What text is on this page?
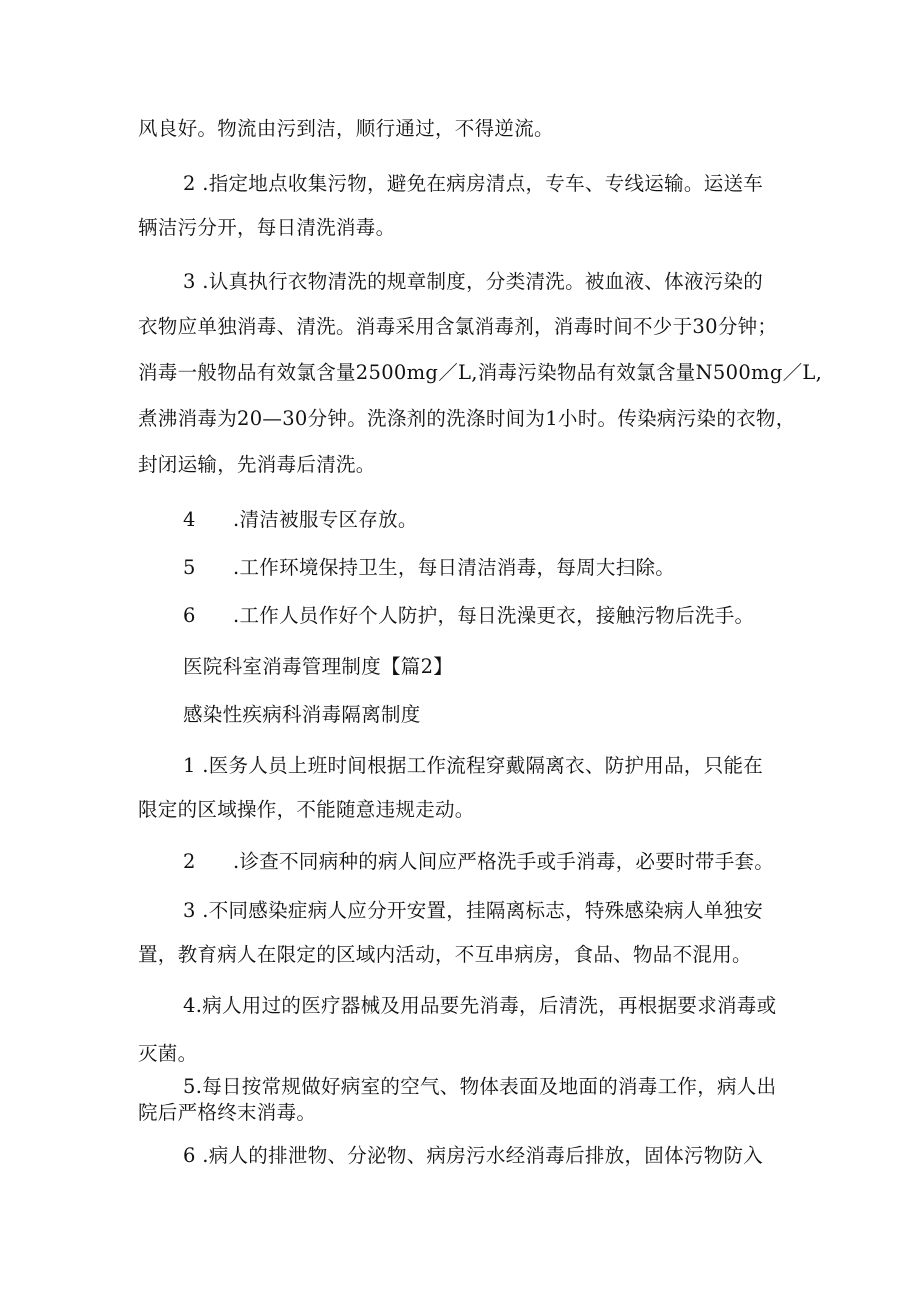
风良好。物流由污到洁，顺行通过，不得逆流。
2 .指定地点收集污物，避免在病房清点，专车、专线运输。运送车
辆洁污分开，每日清洗消毒。
3 .认真执行衣物清洗的规章制度，分类清洗。被血液、体液污染的
衣物应单独消毒、清洗。消毒采用含氯消毒剂，消毒时间不少于30分钟；
消毒一般物品有效氯含量2500mg／L,消毒污染物品有效氯含量N500mg／L,
煮沸消毒为20—30分钟。洗涤剂的洗涤时间为1小时。传染病污染的衣物，
封闭运输，先消毒后清洗。
4 .清洁被服专区存放。
5 .工作环境保持卫生，每日清洁消毒，每周大扫除。
6 .工作人员作好个人防护，每日洗澡更衣，接触污物后洗手。
医院科室消毒管理制度【篇2】
感染性疾病科消毒隔离制度
1 .医务人员上班时间根据工作流程穿戴隔离衣、防护用品，只能在
限定的区域操作，不能随意违规走动。
2 .诊查不同病种的病人间应严格洗手或手消毒，必要时带手套。
3 .不同感染症病人应分开安置，挂隔离标志，特殊感染病人单独安
置，教育病人在限定的区域内活动，不互串病房，食品、物品不混用。
4.病人用过的医疗器械及用品要先消毒，后清洗，再根据要求消毒或
灭菌。
5.每日按常规做好病室的空气、物体表面及地面的消毒工作，病人出
院后严格终末消毒。
6 .病人的排泄物、分泌物、病房污水经消毒后排放，固体污物防入
